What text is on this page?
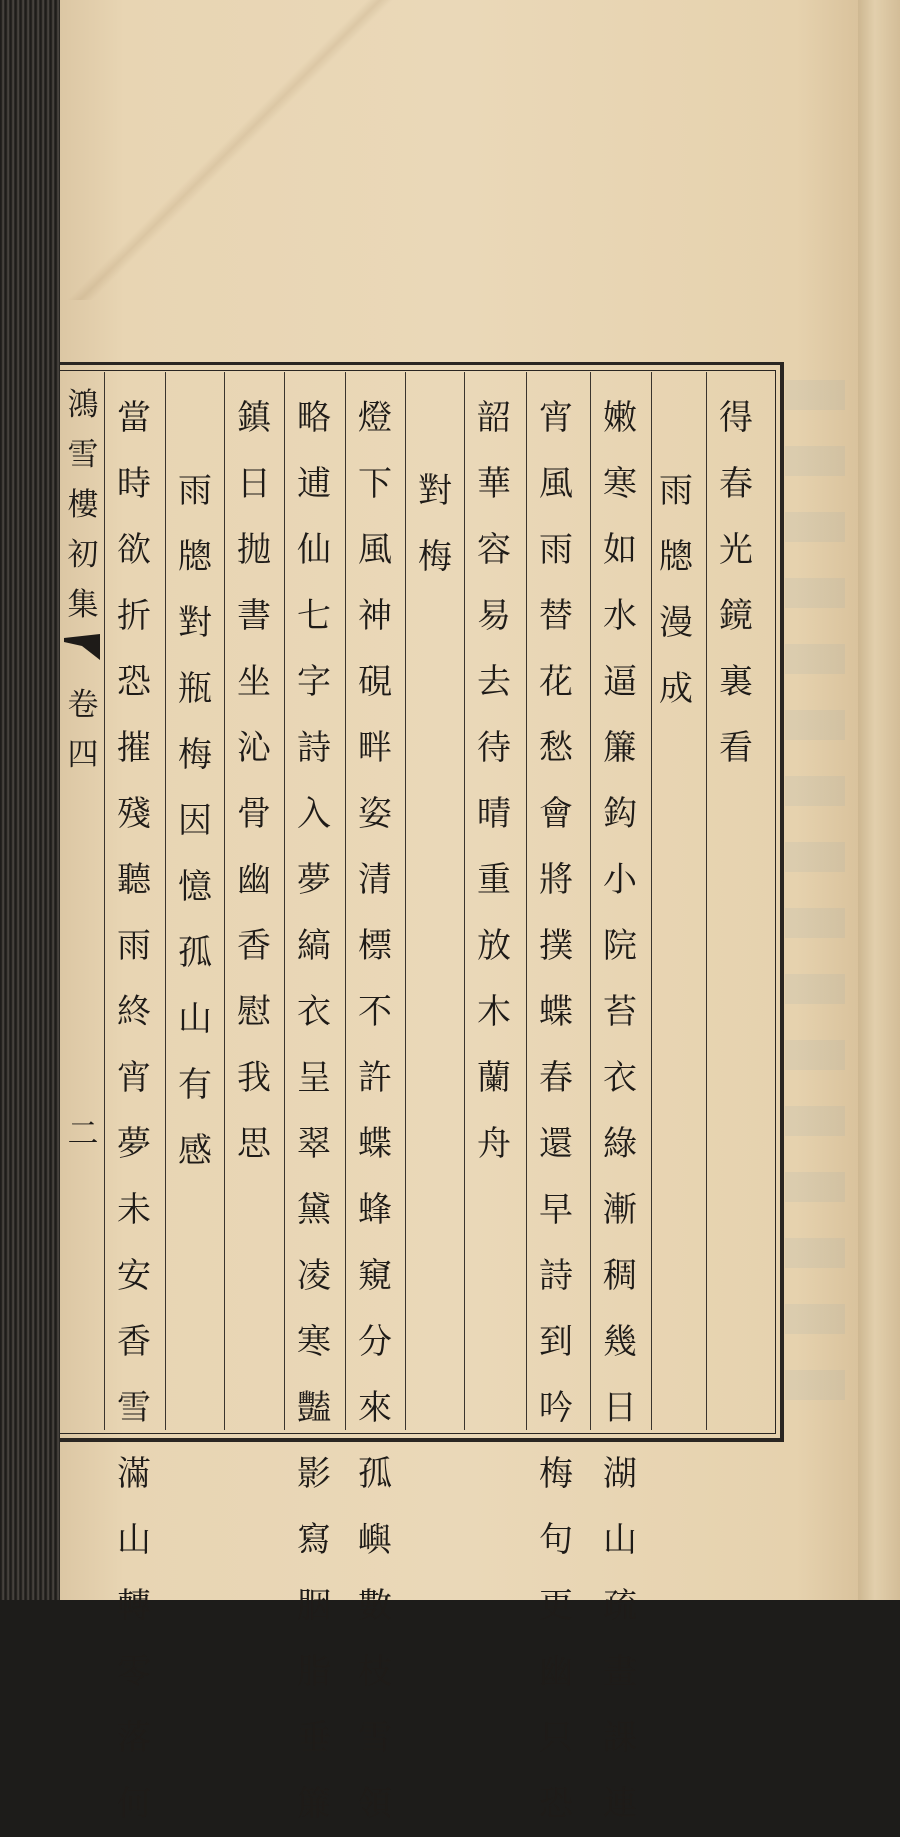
鴻
雪
樓
初
集
卷
四
二
得
春
光
鏡
裏
看
雨
牕
漫
成
嫩
寒
如
水
逼
簾
鈎
小
院
苔
衣
綠
漸
稠
幾
日
湖
山
疏
畫
課
連
宵
風
雨
替
花
愁
會
將
撲
蝶
春
還
早
詩
到
吟
梅
句
更
幽
只
恐
韶
華
容
易
去
待
晴
重
放
木
蘭
舟
對
梅
燈
下
風
神
硯
畔
姿
清
標
不
許
蝶
蜂
窺
分
來
孤
嶼
數
枝
雪
領
略
逋
仙
七
字
詩
入
夢
縞
衣
呈
翠
黛
凌
寒
豔
影
寫
胭
脂
垂
簾
鎮
日
抛
書
坐
沁
骨
幽
香
慰
我
思
雨
牕
對
瓶
梅
因
憶
孤
山
有
感
當
時
欲
折
恐
摧
殘
聽
雨
終
宵
夢
未
安
香
雪
滿
山
轉
零
落
何
